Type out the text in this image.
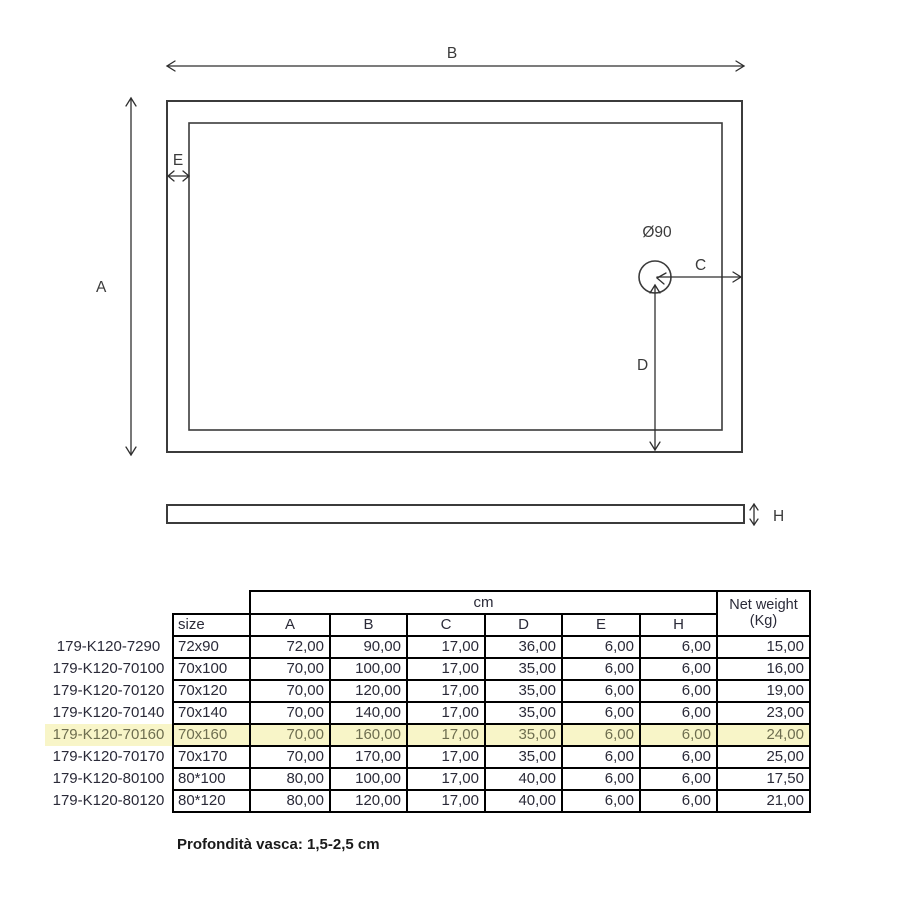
B
A
E
Ø90
C
D
H
		cm						Net weight
(Kg)

	size	A	B	C	D	E	H	
179-K120-7290	72x90	72,00	90,00	17,00	36,00	6,00	6,00	15,00
179-K120-70100	70x100	70,00	100,00	17,00	35,00	6,00	6,00	16,00
179-K120-70120	70x120	70,00	120,00	17,00	35,00	6,00	6,00	19,00
179-K120-70140	70x140	70,00	140,00	17,00	35,00	6,00	6,00	23,00
179-K120-70160	70x160	70,00	160,00	17,00	35,00	6,00	6,00	24,00
179-K120-70170	70x170	70,00	170,00	17,00	35,00	6,00	6,00	25,00
179-K120-80100	80*100	80,00	100,00	17,00	40,00	6,00	6,00	17,50
179-K120-80120	80*120	80,00	120,00	17,00	40,00	6,00	6,00	21,00
Profondità vasca: 1,5-2,5 cm
